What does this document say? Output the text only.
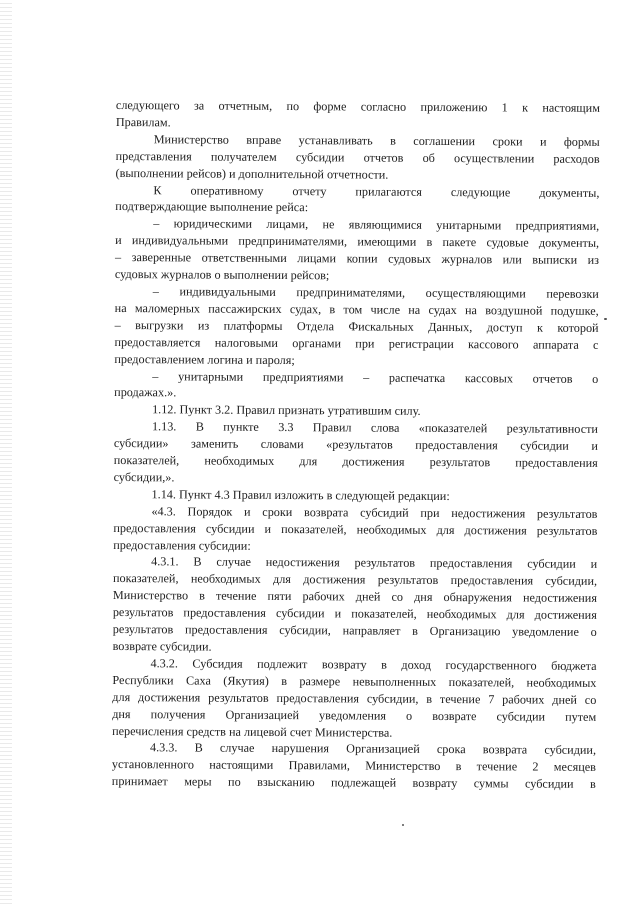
следующего за отчетным, по форме согласно приложению 1 к настоящим
Правилам.
Министерство вправе устанавливать в соглашении сроки и формы
представления получателем субсидии отчетов об осуществлении расходов
(выполнении рейсов) и дополнительной отчетности.
К оперативному отчету прилагаются следующие документы,
подтверждающие выполнение рейса:
– юридическими лицами, не являющимися унитарными предприятиями,
и индивидуальными предпринимателями, имеющими в пакете судовые документы,
– заверенные ответственными лицами копии судовых журналов или выписки из
судовых журналов о выполнении рейсов;
– индивидуальными предпринимателями, осуществляющими перевозки
на маломерных пассажирских судах, в том числе на судах на воздушной подушке,
– выгрузки из платформы Отдела Фискальных Данных, доступ к которой
предоставляется налоговыми органами при регистрации кассового аппарата с
предоставлением логина и пароля;
– унитарными предприятиями – распечатка кассовых отчетов о
продажах.».
1.12. Пункт 3.2. Правил признать утратившим силу.
1.13. В пункте 3.3 Правил слова «показателей результативности
субсидии» заменить словами «результатов предоставления субсидии и
показателей, необходимых для достижения результатов предоставления
субсидии,».
1.14. Пункт 4.3 Правил изложить в следующей редакции:
«4.3. Порядок и сроки возврата субсидий при недостижения результатов
предоставления субсидии и показателей, необходимых для достижения результатов
предоставления субсидии:
4.3.1. В случае недостижения результатов предоставления субсидии и
показателей, необходимых для достижения результатов предоставления субсидии,
Министерство в течение пяти рабочих дней со дня обнаружения недостижения
результатов предоставления субсидии и показателей, необходимых для достижения
результатов предоставления субсидии, направляет в Организацию уведомление о
возврате субсидии.
4.3.2. Субсидия подлежит возврату в доход государственного бюджета
Республики Саха (Якутия) в размере невыполненных показателей, необходимых
для достижения результатов предоставления субсидии, в течение 7 рабочих дней со
дня получения Организацией уведомления о возврате субсидии путем
перечисления средств на лицевой счет Министерства.
4.3.3. В случае нарушения Организацией срока возврата субсидии,
установленного настоящими Правилами, Министерство в течение 2 месяцев
принимает меры по взысканию подлежащей возврату суммы субсидии в
